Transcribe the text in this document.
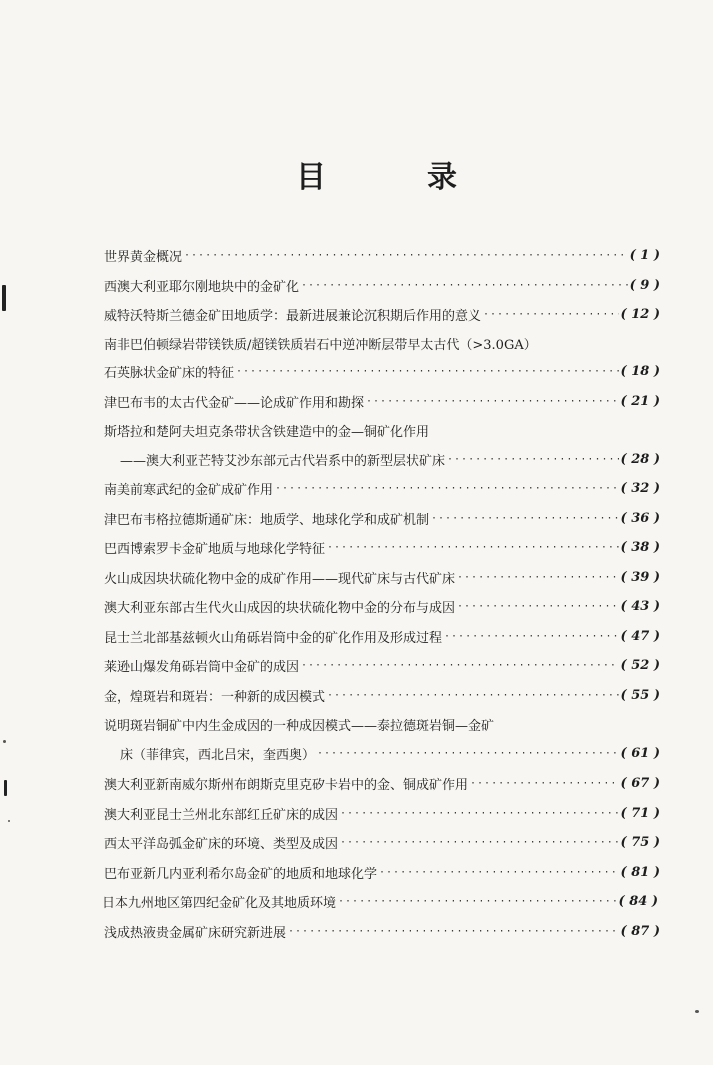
目	录
世界黄金概况 ·····	( 1 )
西澳大利亚耶尔刚地块中的金矿化 ·····	( 9 )
威特沃特斯兰德金矿田地质学：最新进展兼论沉积期后作用的意义 ·····	( 12 )
南非巴伯顿绿岩带镁铁质/超镁铁质岩石中逆冲断层带早太古代（>3.0GA）
石英脉状金矿床的特征 ·····	( 18 )
津巴布韦的太古代金矿——论成矿作用和勘探 ·····	( 21 )
斯塔拉和楚阿夫坦克条带状含铁建造中的金—铜矿化作用
——澳大利亚芒特艾沙东部元古代岩系中的新型层状矿床 ·····	( 28 )
南美前寒武纪的金矿成矿作用 ·····	( 32 )
津巴布韦格拉德斯通矿床：地质学、地球化学和成矿机制 ·····	( 36 )
巴西博索罗卡金矿地质与地球化学特征 ·····	( 38 )
火山成因块状硫化物中金的成矿作用——现代矿床与古代矿床 ·····	( 39 )
澳大利亚东部古生代火山成因的块状硫化物中金的分布与成因 ·····	( 43 )
昆士兰北部基兹顿火山角砾岩筒中金的矿化作用及形成过程 ·····	( 47 )
莱逊山爆发角砾岩筒中金矿的成因 ·····	( 52 )
金，煌斑岩和斑岩：一种新的成因模式 ·····	( 55 )
说明斑岩铜矿中内生金成因的一种成因模式——泰拉德斑岩铜—金矿
床（菲律宾，西北吕宋，奎西奥） ·····	( 61 )
澳大利亚新南威尔斯州布朗斯克里克矽卡岩中的金、铜成矿作用 ·····	( 67 )
澳大利亚昆士兰州北东部红丘矿床的成因 ·····	( 71 )
西太平洋岛弧金矿床的环境、类型及成因 ·····	( 75 )
巴布亚新几内亚利希尔岛金矿的地质和地球化学 ·····	( 81 )
日本九州地区第四纪金矿化及其地质环境 ·····	( 84 )
浅成热液贵金属矿床研究新进展 ·····	( 87 )
